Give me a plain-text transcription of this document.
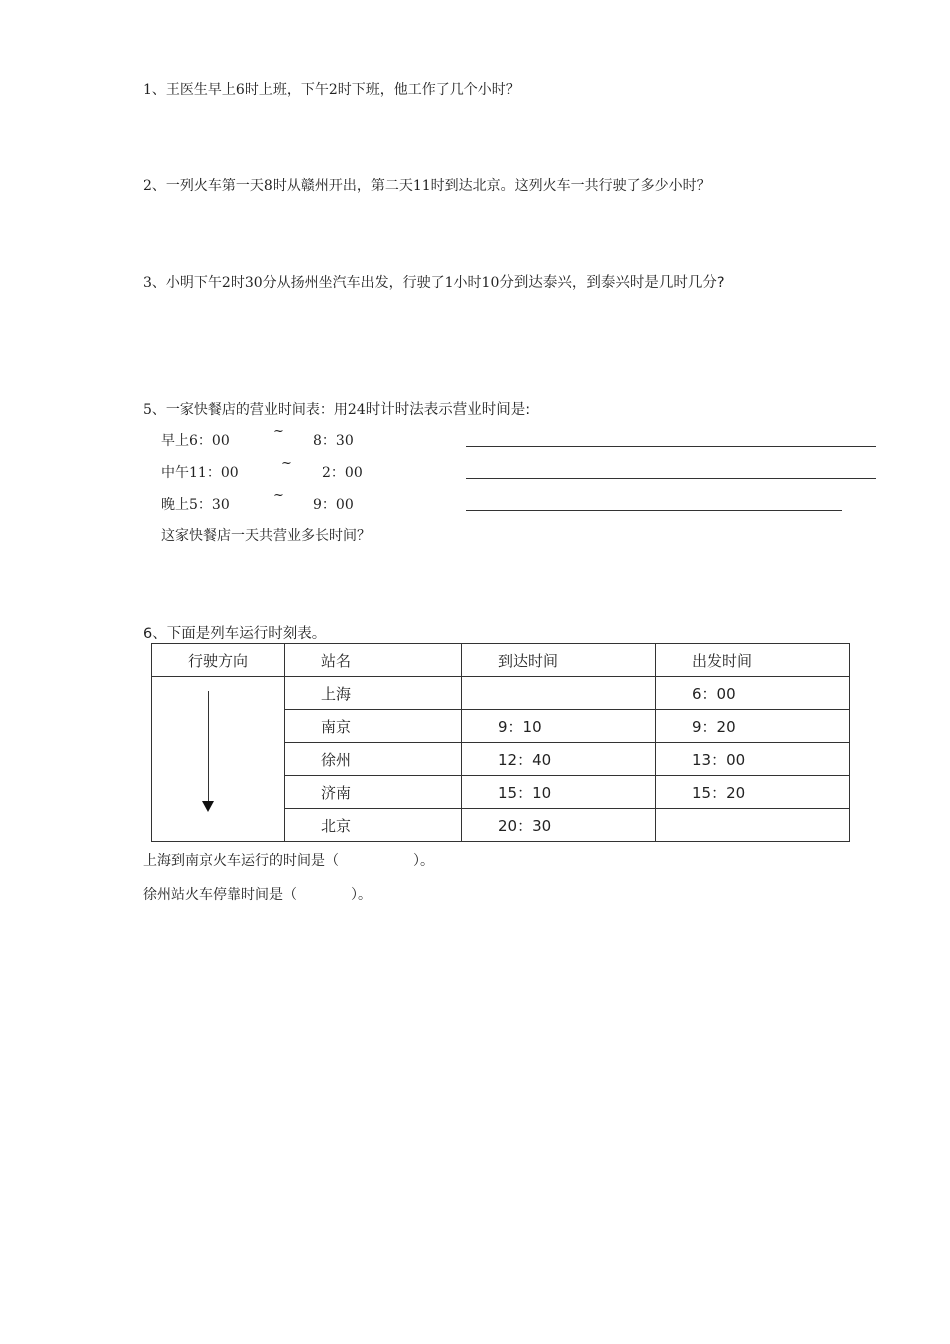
1、王医生早上6时上班，下午2时下班，他工作了几个小时？
2、一列火车第一天8时从赣州开出，第二天11时到达北京。这列火车一共行驶了多少小时？
3、小明下午2时30分从扬州坐汽车出发，行驶了1小时10分到达泰兴，到泰兴时是几时几分?
5、一家快餐店的营业时间表：用24时计时法表示营业时间是:
早上6：00
~
8：30
中午11：00
~
2：00
晚上5：30
~
9：00
这家快餐店一天共营业多长时间？
6、下面是列车运行时刻表。
行驶方向	站名	到达时间	出发时间

	上海		6：00
	南京	9：10	9：20
	徐州	12：40	13：00
	济南	15：10	15：20
	北京	20：30	
上海到南京火车运行的时间是（	）。
徐州站火车停靠时间是（	）。
